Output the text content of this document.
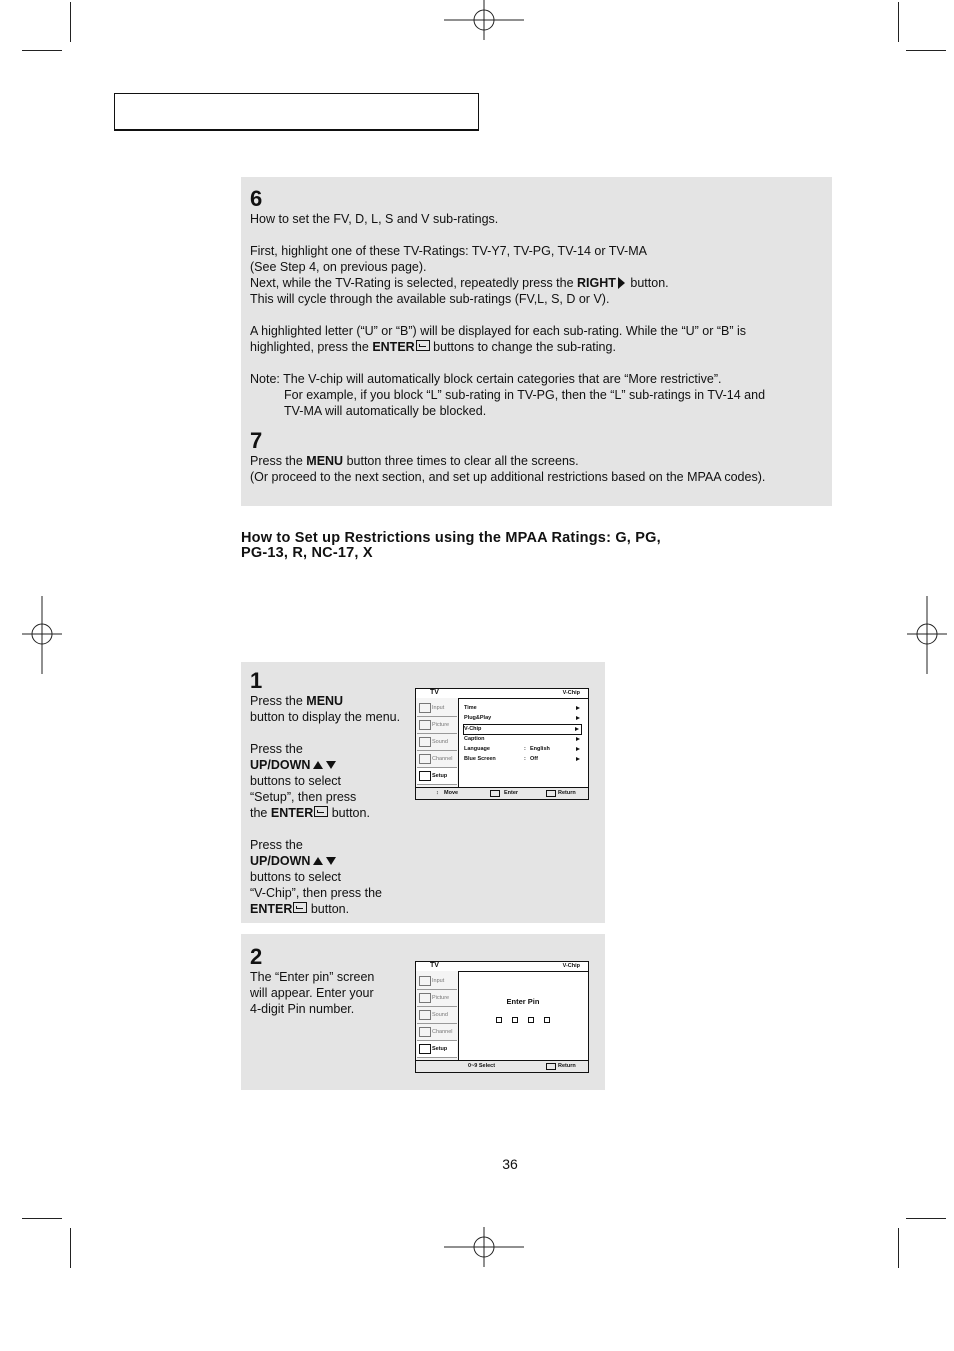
6

How to set the FV, D, L, S and V sub-ratings.

First, highlight one of these TV-Ratings: TV-Y7, TV-PG, TV-14 or TV-MA

(See Step 4, on previous page).

Next, while the TV-Rating is selected, repeatedly press the RIGHT button.

This will cycle through the available sub-ratings (FV,L, S, D or V).

A highlighted letter (“U” or “B”) will be displayed for each sub-rating. While the “U” or “B” is

highlighted, press the ENTER buttons to change the sub-rating.

Note: The V-chip will automatically block certain categories that are “More restrictive”.

For example, if you block “L” sub-rating in TV-PG, then the “L” sub-ratings in TV-14 and

TV-MA will automatically be blocked.

7

Press the MENU button three times to clear all the screens.

(Or proceed to the next section, and set up additional restrictions based on the MPAA codes).

How to Set up Restrictions using the MPAA Ratings: G, PG,
PG-13, R, NC-17, X

1

Press the MENU

button to display the menu.

Press the

UP/DOWN

buttons to select

“Setup”, then press

the ENTER button.

Press the

UP/DOWN

buttons to select

“V-Chip”, then press the

ENTER button.

TV	V-Chip
Input
Picture
Sound
Channel
Setup
Time
Plug&Play
V-Chip
Caption
Language	: English
Blue Screen	: Off
↕ Move	Enter	Return

2

The “Enter pin” screen

will appear. Enter your

4-digit Pin number.

TV	V-Chip
Input
Picture
Sound
Channel
Setup
Enter Pin
0~9 Select	Return
36
